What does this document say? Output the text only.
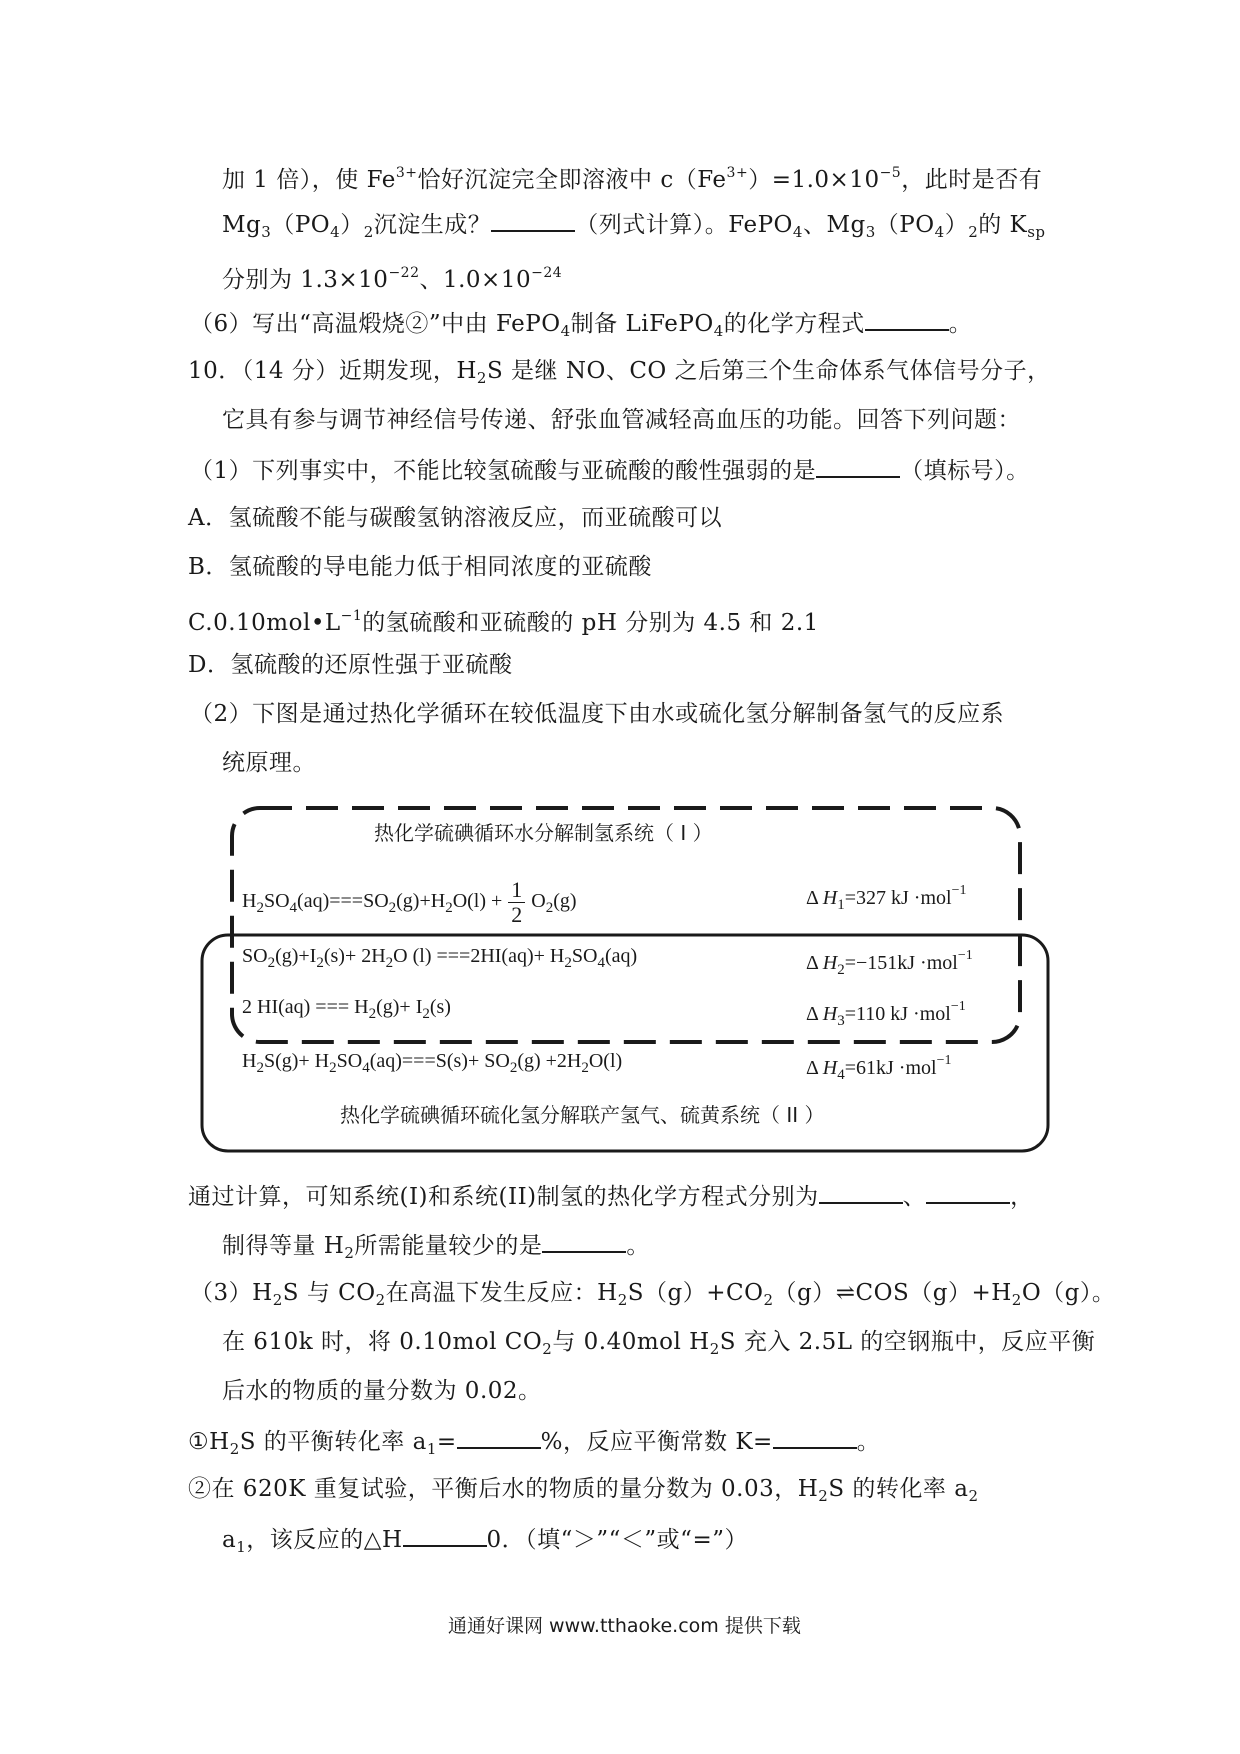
加 1 倍），使 $Fe^{3+}$恰好沉淀完全即溶液中 $c(Fe^{3+})=1.0\times 10^{-5}$，此时是否有
$Mg_3(PO_4)_2$沉淀生成？	（列式计算）。FePO$_4$、$Mg_3(PO_4)_2$的 $K_{sp}$
分别为 $1.3\times 10^{-22}$、$1.0\times 10^{-24}$
（6）写出“高温煅烧②”中由 FePO$_4$制备 LiFePO$_4$的化学方程式	。
10．（14 分）近期发现，$H_2S$ 是继 NO、CO 之后第三个生命体系气体信号分子，
它具有参与调节神经信号传递、舒张血管减轻高血压的功能。回答下列问题：
（1）下列事实中，不能比较氢硫酸与亚硫酸的酸性强弱的是	（填标号）。
A．氢硫酸不能与碳酸氢钠溶液反应，而亚硫酸可以
B．氢硫酸的导电能力低于相同浓度的亚硫酸
$C.0.10mol•L^{-1}$的氢硫酸和亚硫酸的 pH 分别为 4.5 和 2.1
D．氢硫酸的还原性强于亚硫酸
（2）下图是通过热化学循环在较低温度下由水或硫化氢分解制备氢气的反应系
统原理。
热化学硫碘循环水分解制氢系统（ I ）
$H_2SO_4(aq)===SO_2(g)+H_2O(l) + \frac{1}{2} O_2(g)$	Δ $H_1=327$ kJ ·mol$^{-1}$
$SO_2(g)+I_2(s)+ 2H_2O$ $(l) ===2HI(aq)+ H_2SO_4(aq)$	Δ $H_2=-151kJ \cdot mol^{-1}$
2 HI(aq) === $H_2(g)+ I_2(s)$	Δ $H_3=110$ kJ ·mol$^{-1}$
$H_2S(g)+ H_2SO_4(aq)===S(s)+ SO_2(g) +2H_2O(l)$	Δ $H_4=61kJ \cdot mol^{-1}$
热化学硫碘循环硫化氢分解联产氢气、硫黄系统（ II ）
通过计算，可知系统(I)和系统(II)制氢的热化学方程式分别为	、	，
制得等量 $H_2$所需能量较少的是	。
$(3)H_2S$ 与 $CO_2$在高温下发生反应：$H_2S(g)+CO_2(g)\rightleftharpoons COS(g)+H_2O(g)$。
在 610k 时，将 0.10mol $CO_2$与 0.40mol $H_2S$ 充入 2.5L 的空钢瓶中，反应平衡
后水的物质的量分数为 0.02。
$①H_2S$ 的平衡转化率 $a_1=$	%，反应平衡常数 K=	。
②在 620K 重复试验，平衡后水的物质的量分数为 0.03，$H_2S$ 的转化率 $a_2$
$a_1$，该反应的△H	0．（填“＞”“＜”或“=”）
通通好课网 www.tthaoke.com 提供下载
